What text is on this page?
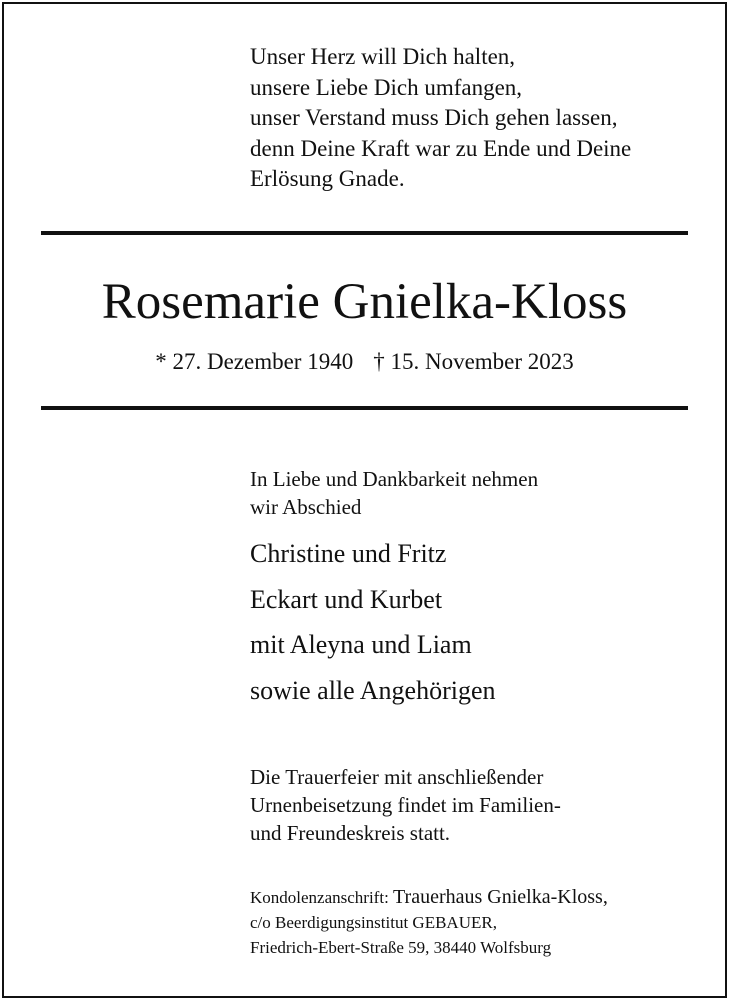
Unser Herz will Dich halten,
unsere Liebe Dich umfangen,
unser Verstand muss Dich gehen lassen,
denn Deine Kraft war zu Ende und Deine
Erlösung Gnade.
Rosemarie Gnielka-Kloss
* 27. Dezember 1940 † 15. November 2023
In Liebe und Dankbarkeit nehmen
wir Abschied
Christine und Fritz
Eckart und Kurbet
mit Aleyna und Liam
sowie alle Angehörigen
Die Trauerfeier mit anschließender
Urnenbeisetzung findet im Familien-
und Freundeskreis statt.
Kondolenzanschrift: Trauerhaus Gnielka-Kloss,
c/o Beerdigungsinstitut GEBAUER,
Friedrich-Ebert-Straße 59, 38440 Wolfsburg
